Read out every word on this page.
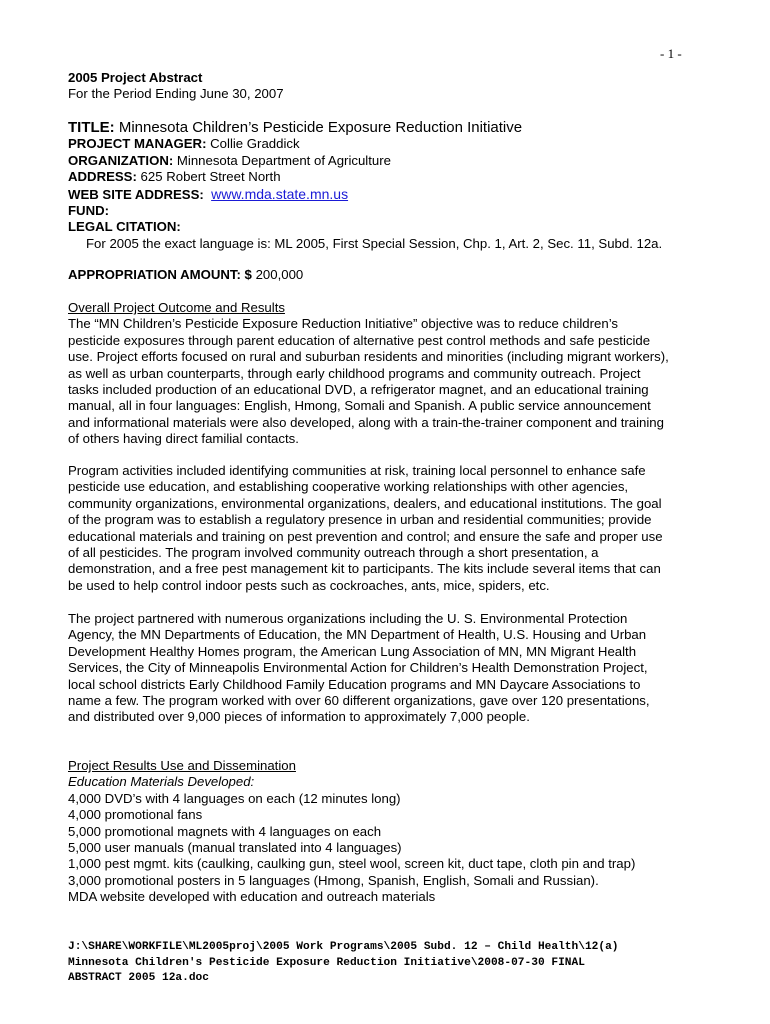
- 1 -
2005 Project Abstract
For the Period Ending June 30, 2007
TITLE: Minnesota Children’s Pesticide Exposure Reduction Initiative
PROJECT MANAGER: Collie Graddick
ORGANIZATION: Minnesota Department of Agriculture
ADDRESS: 625 Robert Street North
WEB SITE ADDRESS: www.mda.state.mn.us
FUND:
LEGAL CITATION:
For 2005 the exact language is: ML 2005, First Special Session, Chp. 1, Art. 2, Sec. 11, Subd. 12a.
APPROPRIATION AMOUNT: $ 200,000
Overall Project Outcome and Results
The “MN Children’s Pesticide Exposure Reduction Initiative” objective was to reduce children’s
pesticide exposures through parent education of alternative pest control methods and safe pesticide
use. Project efforts focused on rural and suburban residents and minorities (including migrant workers),
as well as urban counterparts, through early childhood programs and community outreach. Project
tasks included production of an educational DVD, a refrigerator magnet, and an educational training
manual, all in four languages: English, Hmong, Somali and Spanish. A public service announcement
and informational materials were also developed, along with a train-the-trainer component and training
of others having direct familial contacts.
Program activities included identifying communities at risk, training local personnel to enhance safe
pesticide use education, and establishing cooperative working relationships with other agencies,
community organizations, environmental organizations, dealers, and educational institutions. The goal
of the program was to establish a regulatory presence in urban and residential communities; provide
educational materials and training on pest prevention and control; and ensure the safe and proper use
of all pesticides. The program involved community outreach through a short presentation, a
demonstration, and a free pest management kit to participants. The kits include several items that can
be used to help control indoor pests such as cockroaches, ants, mice, spiders, etc.
The project partnered with numerous organizations including the U. S. Environmental Protection
Agency, the MN Departments of Education, the MN Department of Health, U.S. Housing and Urban
Development Healthy Homes program, the American Lung Association of MN, MN Migrant Health
Services, the City of Minneapolis Environmental Action for Children’s Health Demonstration Project,
local school districts Early Childhood Family Education programs and MN Daycare Associations to
name a few. The program worked with over 60 different organizations, gave over 120 presentations,
and distributed over 9,000 pieces of information to approximately 7,000 people.
Project Results Use and Dissemination
Education Materials Developed:
4,000 DVD’s with 4 languages on each (12 minutes long)
4,000 promotional fans
5,000 promotional magnets with 4 languages on each
5,000 user manuals (manual translated into 4 languages)
1,000 pest mgmt. kits (caulking, caulking gun, steel wool, screen kit, duct tape, cloth pin and trap)
3,000 promotional posters in 5 languages (Hmong, Spanish, English, Somali and Russian).
MDA website developed with education and outreach materials
J:\SHARE\WORKFILE\ML2005proj\2005 Work Programs\2005 Subd. 12 – Child Health\12(a)
Minnesota Children's Pesticide Exposure Reduction Initiative\2008-07-30 FINAL
ABSTRACT 2005 12a.doc
